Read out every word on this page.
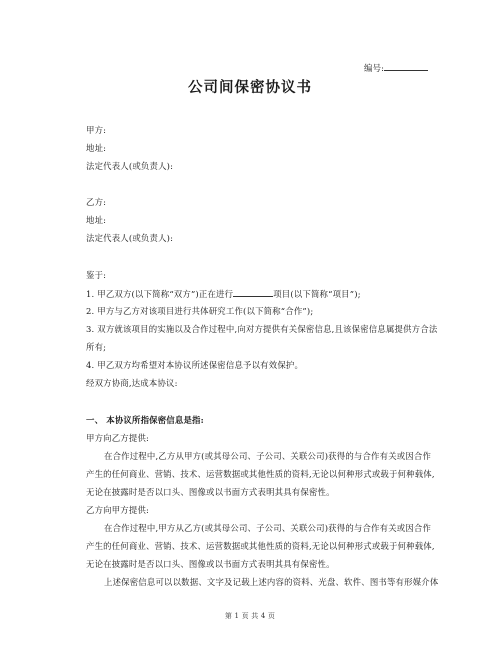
编号:
公司间保密协议书
甲方:
地址:
法定代表人(或负责人):
乙方:
地址:
法定代表人(或负责人):
鉴于:
1. 甲乙双方(以下简称“双方”)正在进行	项目(以下简称“项目”);
2. 甲方与乙方对该项目进行共体研究工作(以下简称“合作”);
3. 双方就该项目的实施以及合作过程中,向对方提供有关保密信息,且该保密信息属提供方合法
所有;
4. 甲乙双方均希望对本协议所述保密信息予以有效保护。
经双方协商,达成本协议:
一、 本协议所指保密信息是指:
甲方向乙方提供:
在合作过程中,乙方从甲方(或其母公司、子公司、关联公司)获得的与合作有关或因合作
产生的任何商业、营销、技术、运营数据或其他性质的资料,无论以何种形式或载于何种载体,
无论在披露时是否以口头、图像或以书面方式表明其具有保密性。
乙方向甲方提供:
在合作过程中,甲方从乙方(或其母公司、子公司、关联公司)获得的与合作有关或因合作
产生的任何商业、营销、技术、运营数据或其他性质的资料,无论以何种形式或载于何种载体,
无论在披露时是否以口头、图像或以书面方式表明其具有保密性。
上述保密信息可以以数据、文字及记载上述内容的资料、光盘、软件、图书等有形媒介体
第 1 页 共 4 页
